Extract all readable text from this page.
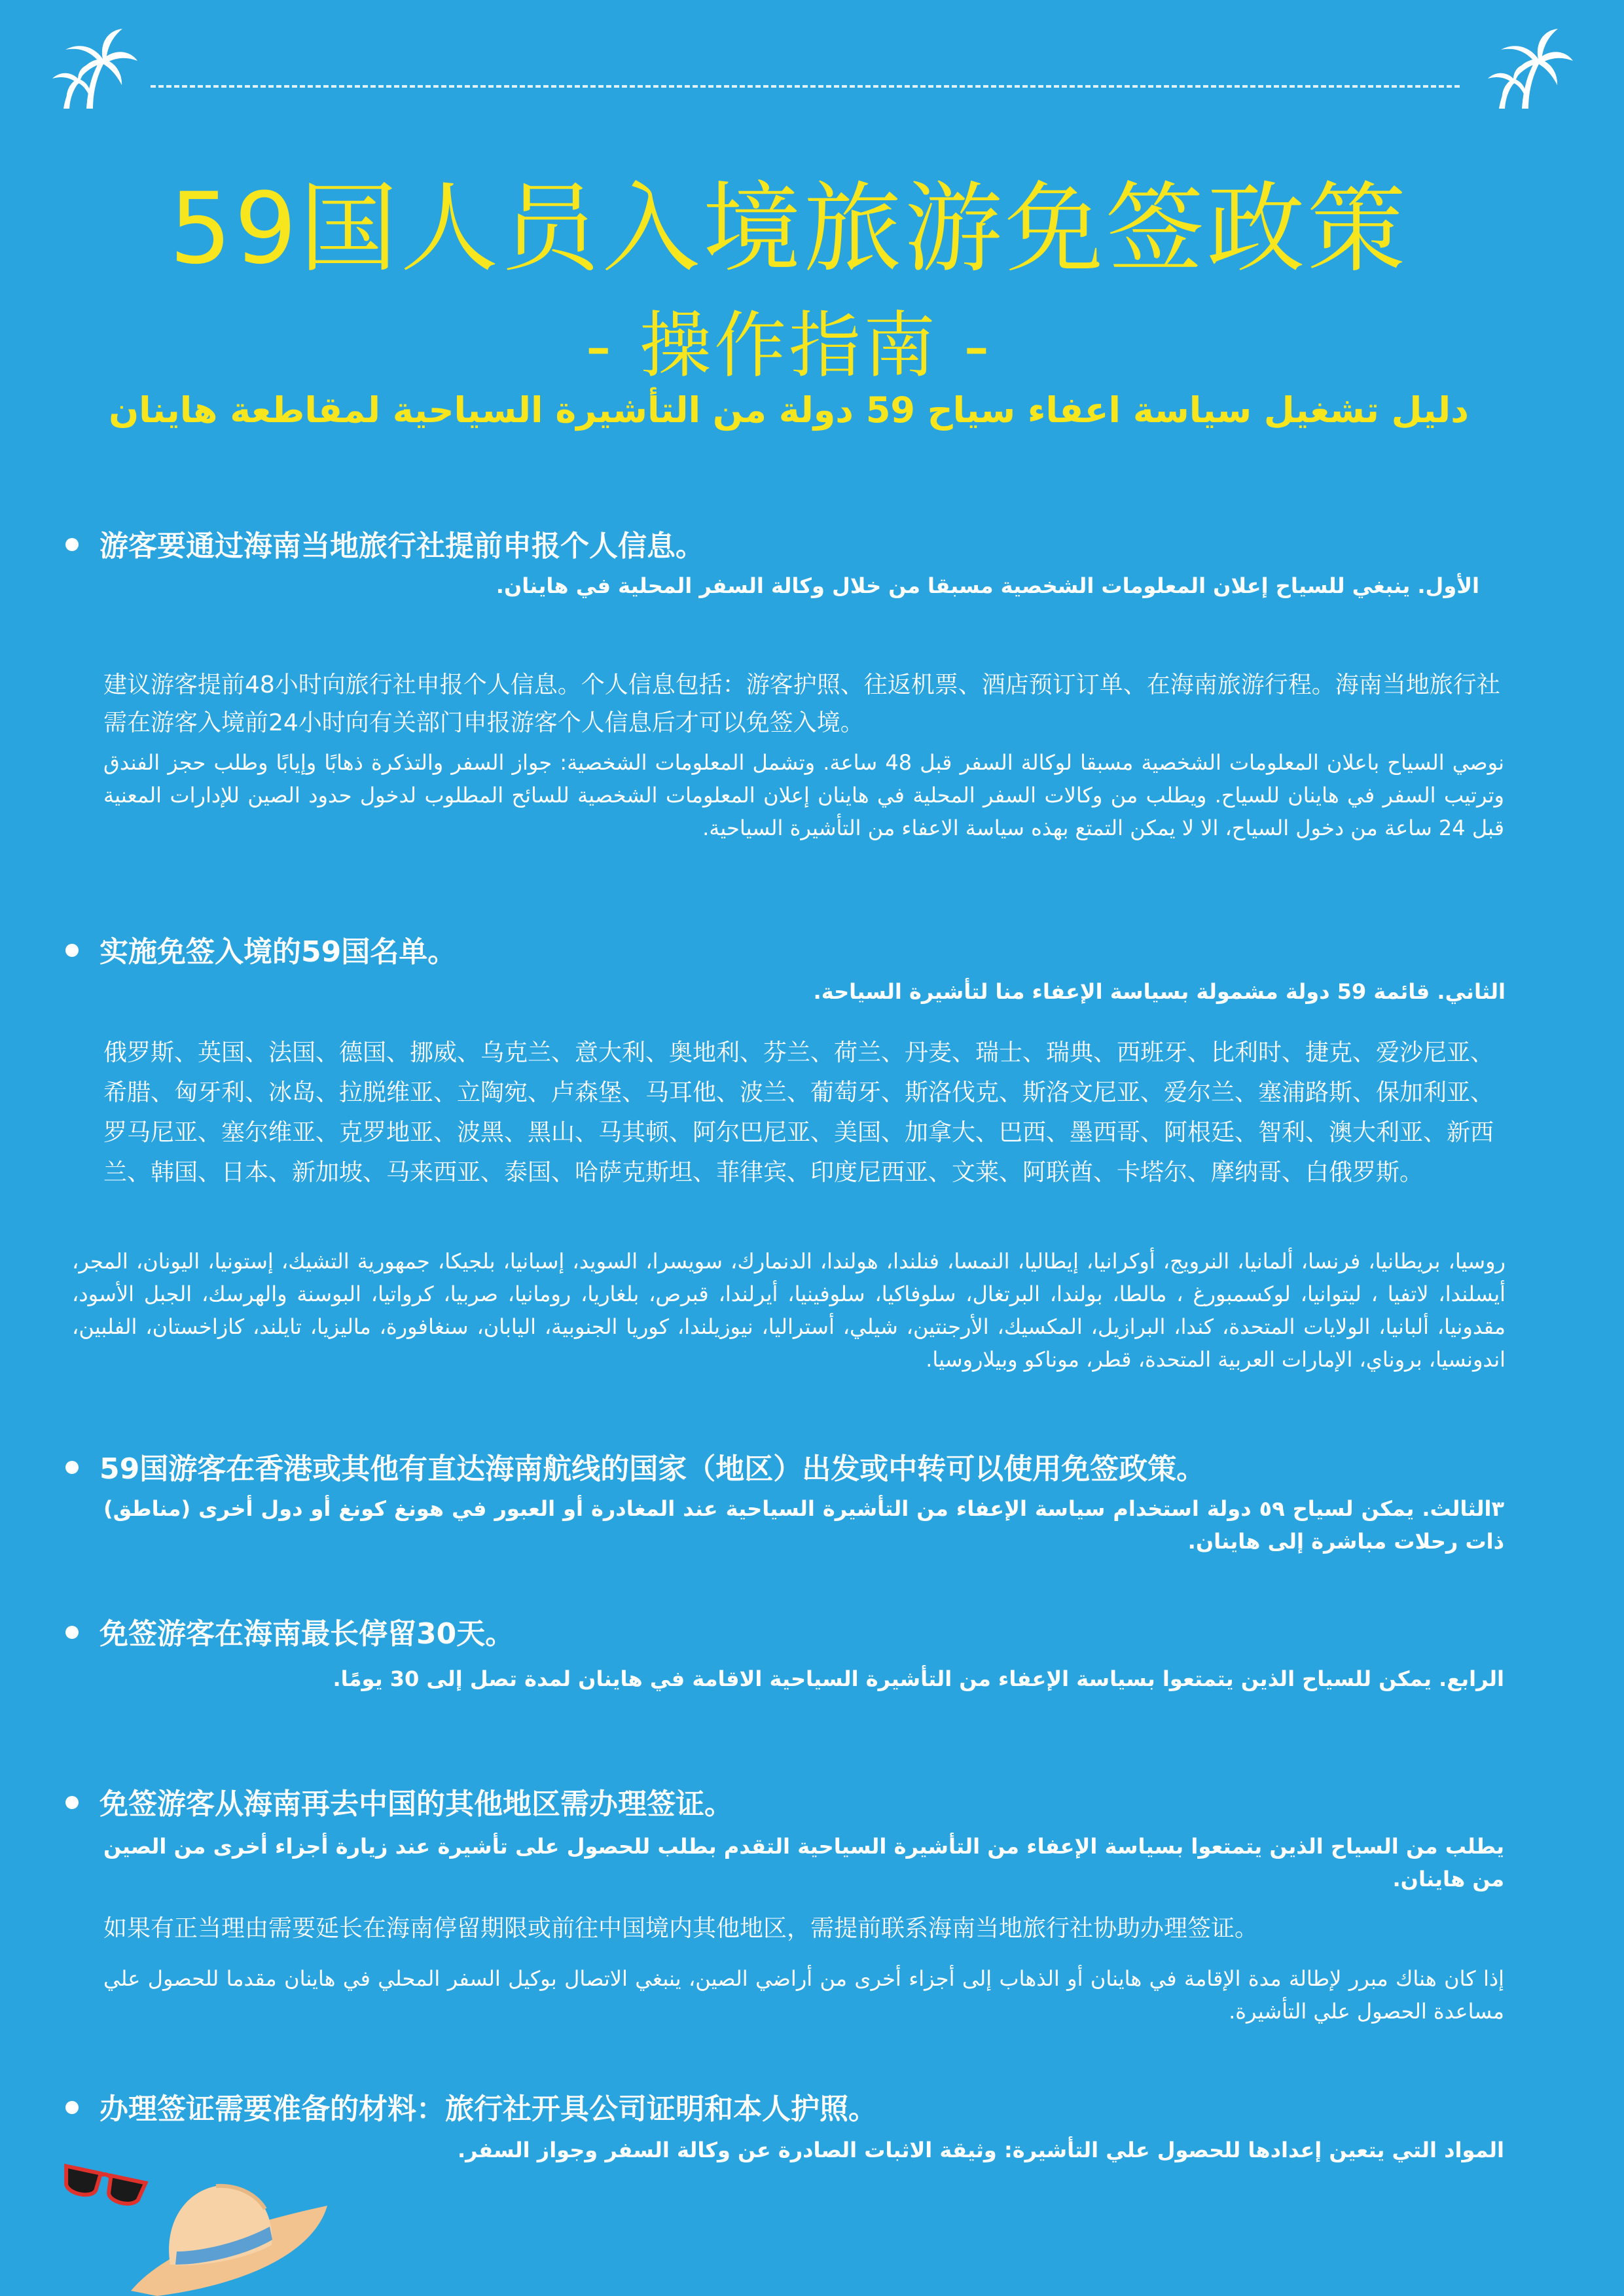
59国人员入境旅游免签政策
- 操作指南 -
دليل تشغيل سياسة اعفاء سياح 59 دولة من التأشيرة السياحية لمقاطعة هاينان
游客要通过海南当地旅行社提前申报个人信息。

الأول. ينبغي للسياح إعلان المعلومات الشخصية مسبقا من خلال وكالة السفر المحلية في هاينان.

建议游客提前48小时向旅行社申报个人信息。个人信息包括：游客护照、往返机票、酒店预订订单、在海南旅游行程。海南当地旅行社需在游客入境前24小时向有关部门申报游客个人信息后才可以免签入境。

نوصي السياح باعلان المعلومات الشخصية مسبقا لوكالة السفر قبل 48 ساعة. وتشمل المعلومات الشخصية: جواز السفر والتذكرة ذهابًا وإيابًا وطلب حجز الفندق وترتيب السفر في هاينان للسياح. ويطلب من وكالات السفر المحلية في هاينان إعلان المعلومات الشخصية للسائح المطلوب لدخول حدود الصين للإدارات المعنية قبل 24 ساعة من دخول السياح، الا لا يمكن التمتع بهذه سياسة الاعفاء من التأشيرة السياحية.

实施免签入境的59国名单。

الثاني. قائمة 59 دولة مشمولة بسياسة الإعفاء منا لتأشيرة السياحة.

俄罗斯、英国、法国、德国、挪威、乌克兰、意大利、奥地利、芬兰、荷兰、丹麦、瑞士、瑞典、西班牙、比利时、捷克、爱沙尼亚、希腊、匈牙利、冰岛、拉脱维亚、立陶宛、卢森堡、马耳他、波兰、葡萄牙、斯洛伐克、斯洛文尼亚、爱尔兰、塞浦路斯、保加利亚、罗马尼亚、塞尔维亚、克罗地亚、波黑、黑山、马其顿、阿尔巴尼亚、美国、加拿大、巴西、墨西哥、阿根廷、智利、澳大利亚、新西兰、韩国、日本、新加坡、马来西亚、泰国、哈萨克斯坦、菲律宾、印度尼西亚、文莱、阿联酋、卡塔尔、摩纳哥、白俄罗斯。

روسيا، بريطانيا، فرنسا، ألمانيا، النرويج، أوكرانيا، إيطاليا، النمسا، فنلندا، هولندا، الدنمارك، سويسرا، السويد، إسبانيا، بلجيكا، جمهورية التشيك، إستونيا، اليونان، المجر، أيسلندا، لاتفيا ، ليتوانيا، لوكسمبورغ ، مالطا، بولندا، البرتغال، سلوفاكيا، سلوفينيا، أيرلندا، قبرص، بلغاريا، رومانيا، صربيا، كرواتيا، البوسنة والهرسك، الجبل الأسود، مقدونيا، ألبانيا، الولايات المتحدة، كندا، البرازيل، المكسيك، الأرجنتين، شيلي، أستراليا، نيوزيلندا، كوريا الجنوبية، اليابان، سنغافورة، ماليزيا، تايلند، كازاخستان، الفلبين، اندونسيا، بروناي، الإمارات العربية المتحدة، قطر، موناكو وبيلاروسيا.

59国游客在香港或其他有直达海南航线的国家（地区）出发或中转可以使用免签政策。

٣الثالث. يمكن لسياح ٥٩ دولة استخدام سياسة الإعفاء من التأشيرة السياحية عند المغادرة أو العبور في هونغ كونغ أو دول أخرى (مناطق) ذات رحلات مباشرة إلى هاينان.

免签游客在海南最长停留30天。

الرابع. يمكن للسياح الذين يتمتعوا بسياسة الإعفاء من التأشيرة السياحية الاقامة في هاينان لمدة تصل إلى 30 يومًا.

免签游客从海南再去中国的其他地区需办理签证。

يطلب من السياح الذين يتمتعوا بسياسة الإعفاء من التأشيرة السياحية التقدم بطلب للحصول على تأشيرة عند زيارة أجزاء أخرى من الصين من هاينان.

如果有正当理由需要延长在海南停留期限或前往中国境内其他地区，需提前联系海南当地旅行社协助办理签证。

إذا كان هناك مبرر لإطالة مدة الإقامة في هاينان أو الذهاب إلى أجزاء أخرى من أراضي الصين، ينبغي الاتصال بوكيل السفر المحلي في هاينان مقدما للحصول علي مساعدة الحصول علي التأشيرة.

办理签证需要准备的材料：旅行社开具公司证明和本人护照。

المواد التي يتعين إعدادها للحصول علي التأشيرة: وثيقة الاثبات الصادرة عن وكالة السفر وجواز السفر.
